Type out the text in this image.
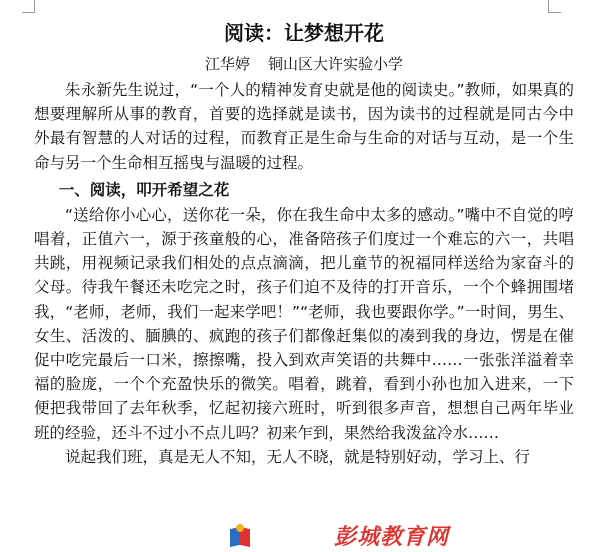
阅读：让梦想开花
江华婷 铜山区大许实验小学

朱永新先生说过，“一个人的精神发育史就是他的阅读史。”教师，如果真的想要理解所从事的教育，首要的选择就是读书，因为读书的过程就是同古今中外最有智慧的人对话的过程，而教育正是生命与生命的对话与互动，是一个生命与另一个生命相互摇曳与温暖的过程。

一、阅读，叩开希望之花

“送给你小心心，送你花一朵，你在我生命中太多的感动。”嘴中不自觉的哼唱着，正值六一，源于孩童般的心，准备陪孩子们度过一个难忘的六一，共唱共跳，用视频记录我们相处的点点滴滴，把儿童节的祝福同样送给为家奋斗的父母。待我午餐还未吃完之时，孩子们迫不及待的打开音乐，一个个蜂拥围堵我，“老师，老师，我们一起来学吧！”“老师，我也要跟你学。”一时间，男生、女生、活泼的、腼腆的、疯跑的孩子们都像赶集似的凑到我的身边，愣是在催促中吃完最后一口米，擦擦嘴，投入到欢声笑语的共舞中……一张张洋溢着幸福的脸庞，一个个充盈快乐的微笑。唱着，跳着，看到小孙也加入进来，一下便把我带回了去年秋季，忆起初接六班时，听到很多声音，想想自己两年毕业班的经验，还斗不过小不点儿吗？初来乍到，果然给我泼盆冷水……

说起我们班，真是无人不知，无人不晓，就是特别好动，学习上、行

彭城教育网
